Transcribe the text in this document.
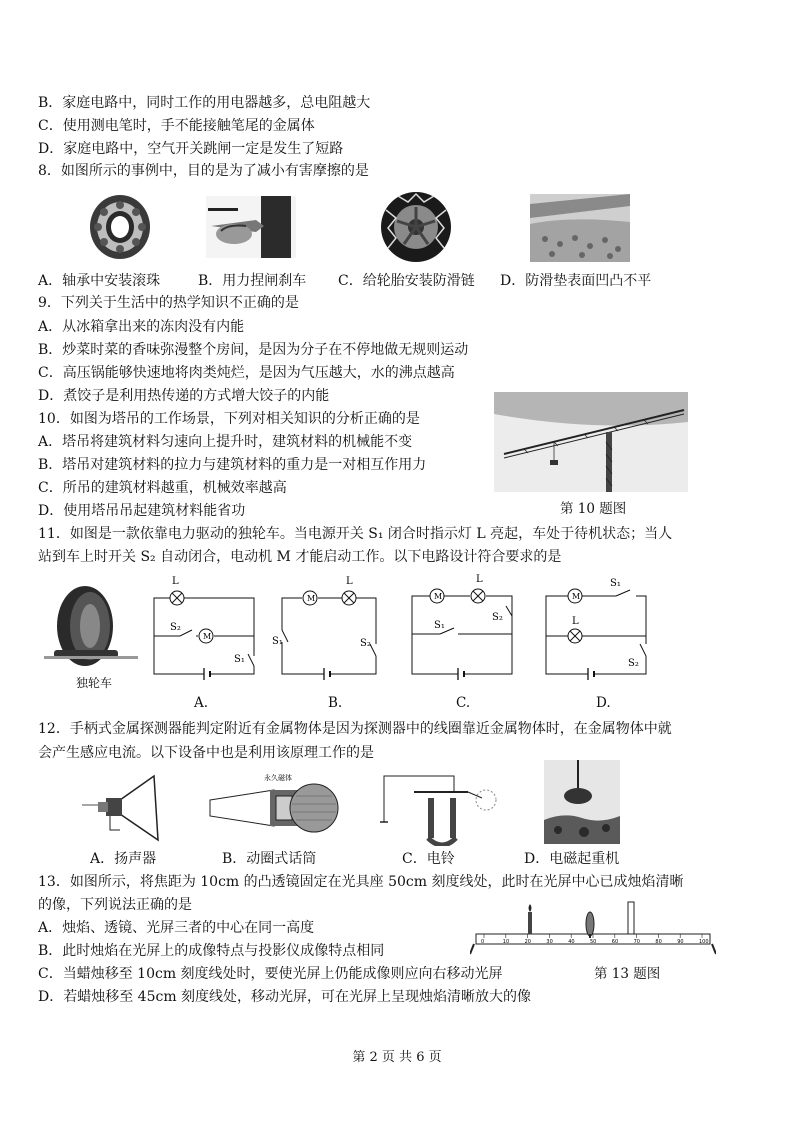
B．家庭电路中，同时工作的用电器越多，总电阻越大
C．使用测电笔时，手不能接触笔尾的金属体
D．家庭电路中，空气开关跳闸一定是发生了短路
8．如图所示的事例中，目的是为了减小有害摩擦的是
A．轴承中安装滚珠	B．用力捏闸刹车 C．给轮胎安装防滑链 D．防滑垫表面凹凸不平
9．下列关于生活中的热学知识不正确的是
A．从冰箱拿出来的冻肉没有内能
B．炒菜时菜的香味弥漫整个房间，是因为分子在不停地做无规则运动
C．高压锅能够快速地将肉类炖烂，是因为气压越大，水的沸点越高
D．煮饺子是利用热传递的方式增大饺子的内能
10．如图为塔吊的工作场景，下列对相关知识的分析正确的是
A．塔吊将建筑材料匀速向上提升时，建筑材料的机械能不变
B．塔吊对建筑材料的拉力与建筑材料的重力是一对相互作用力
C．所吊的建筑材料越重，机械效率越高
D．使用塔吊吊起建筑材料能省功	第 10 题图
11．如图是一款依靠电力驱动的独轮车。当电源开关 S₁ 闭合时指示灯 L 亮起，车处于待机状态；当人
站到车上时开关 S₂ 自动闭合，电动机 M 才能启动工作。以下电路设计符合要求的是
独轮车
M
L
S₂
S₁
M
L
S₁	S₂
M
L
S₁
S₂
M
L
S₁
S₂
A.	B.	C.	D.
12．手柄式金属探测器能判定附近有金属物体是因为探测器中的线圈靠近金属物体时，在金属物体中就
会产生感应电流。以下设备中也是利用该原理工作的是
永久磁体
A．扬声器	B．动圈式话筒	C．电铃	D．电磁起重机
13．如图所示，将焦距为 10cm 的凸透镜固定在光具座 50cm 刻度线处，此时在光屏中心已成烛焰清晰
的像，下列说法正确的是
A．烛焰、透镜、光屏三者的中心在同一高度
B．此时烛焰在光屏上的成像特点与投影仪成像特点相同
C．当蜡烛移至 10cm 刻度线处时，要使光屏上仍能成像则应向右移动光屏
D．若蜡烛移至 45cm 刻度线处，移动光屏，可在光屏上呈现烛焰清晰放大的像
0	10	20	30	40	50	60	70	80	90	100
第 13 题图
第 2 页 共 6 页
